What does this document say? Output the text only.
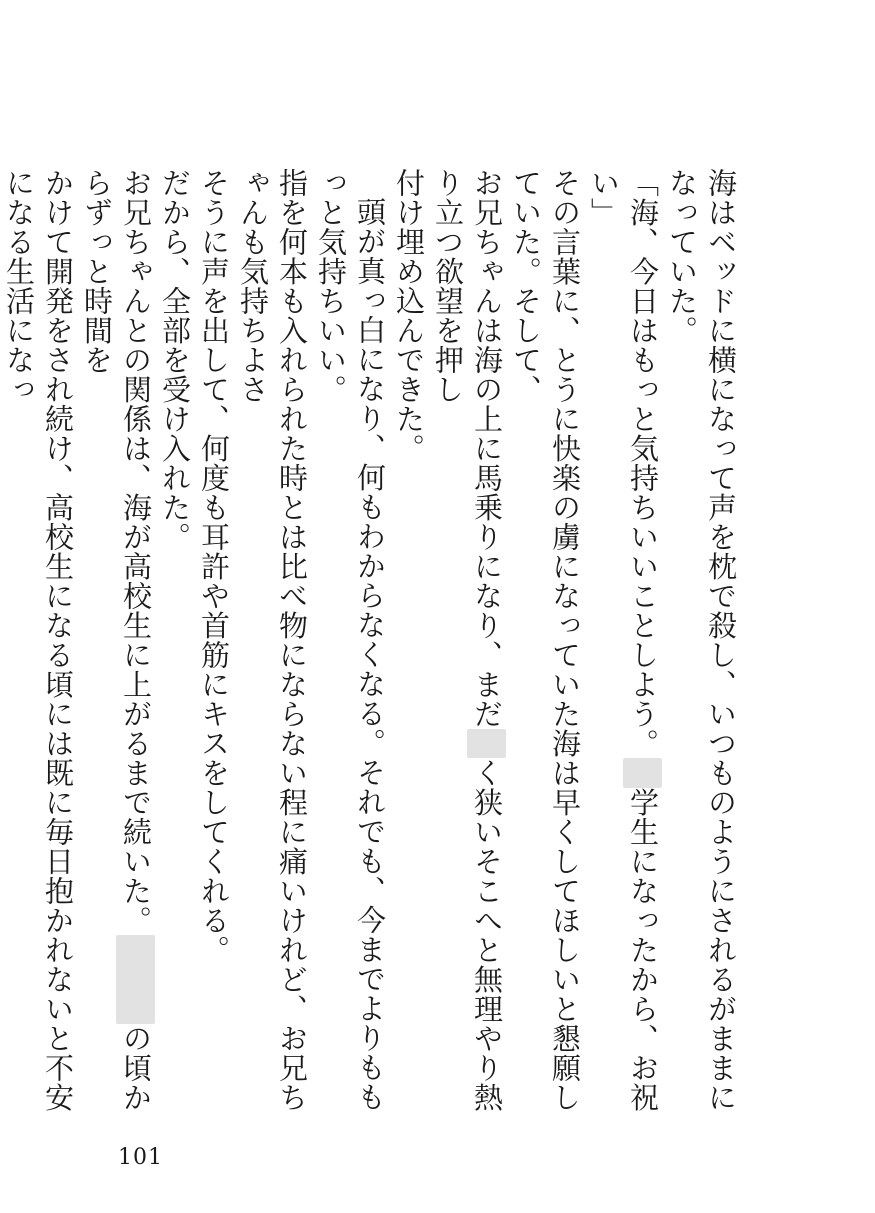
海はベッドに横になって声を枕で殺し、いつものようにされるがままになっていた。

「海、今日はもっと気持ちいいことしよう。学生になったから、お祝い」

その言葉に、とうに快楽の虜になっていた海は早くしてほしいと懇願していた。そして、

お兄ちゃんは海の上に馬乗りになり、まだく狭いそこへと無理やり熱り立つ欲望を押し

付け埋め込んできた。

頭が真っ白になり、何もわからなくなる。それでも、今までよりももっと気持ちいい。

指を何本も入れられた時とは比べ物にならない程に痛いけれど、お兄ちゃんも気持ちよさ

そうに声を出して、何度も耳許や首筋にキスをしてくれる。

だから、全部を受け入れた。

お兄ちゃんとの関係は、海が高校生に上がるまで続いた。の頃からずっと時間を

かけて開発をされ続け、高校生になる頃には既に毎日抱かれないと不安になる生活になっ

101
